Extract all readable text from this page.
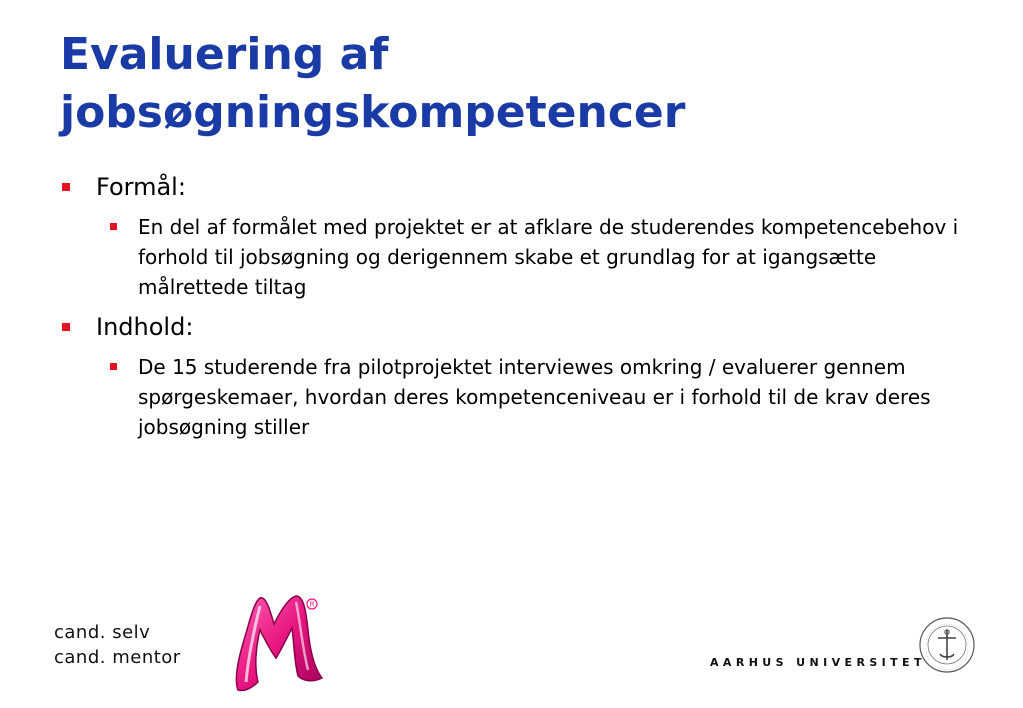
Evaluering af
jobsøgningskompetencer
Formål:
En del af formålet med projektet er at afklare de studerendes kompetencebehov i forhold til jobsøgning og derigennem skabe et grundlag for at igangsætte målrettede tiltag
Indhold:
De 15 studerende fra pilotprojektet interviewes omkring / evaluerer gennem spørgeskemaer, hvordan deres kompetenceniveau er i forhold til de krav deres jobsøgning stiller
cand. selv
cand. mentor
R
AARHUS UNIVERSITET
